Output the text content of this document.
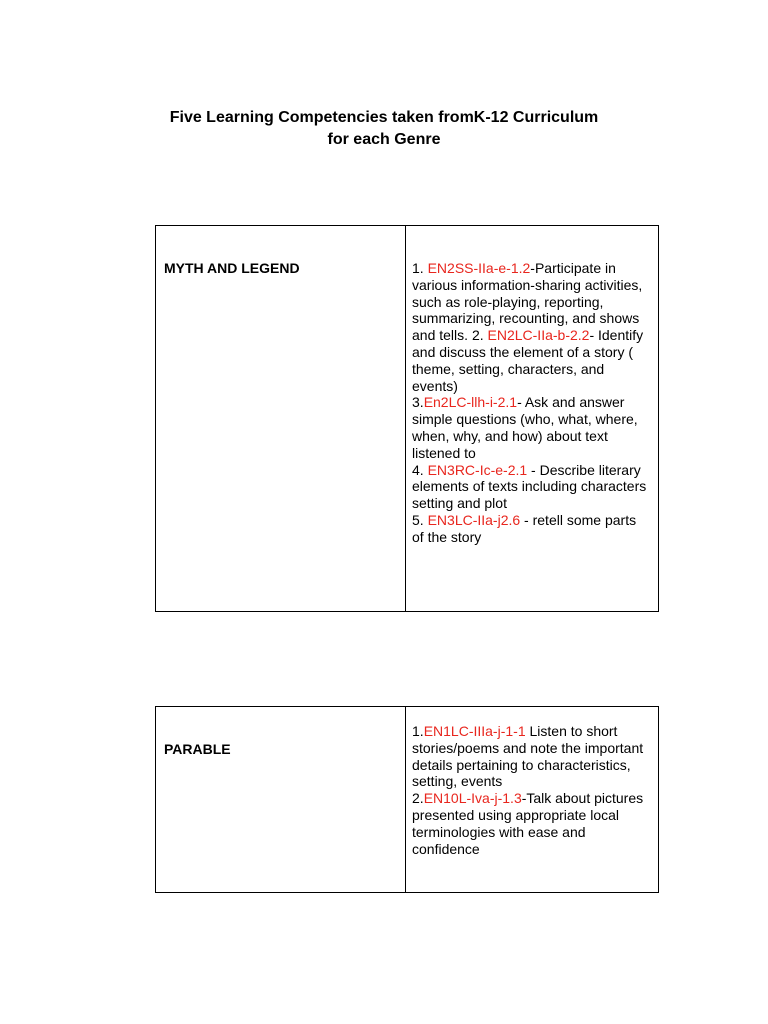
Five Learning Competencies taken fromK-12 Curriculum
for each Genre
MYTH AND LEGEND	1. EN2SS-IIa-e-1.2-Participate in various information-sharing activities, such as role-playing, reporting, summarizing, recounting, and shows and tells. 2. EN2LC-IIa-b-2.2- Identify and discuss the element of a story ( theme, setting, characters, and events)
3.En2LC-llh-i-2.1- Ask and answer simple questions (who, what, where, when, why, and how) about text listened to
4. EN3RC-Ic-e-2.1 - Describe literary elements of texts including characters setting and plot
5. EN3LC-IIa-j2.6 - retell some parts of the story
PARABLE	1.EN1LC-IIIa-j-1-1 Listen to short stories/poems and note the important details pertaining to characteristics, setting, events
2.EN10L-Iva-j-1.3-Talk about pictures presented using appropriate local terminologies with ease and confidence
